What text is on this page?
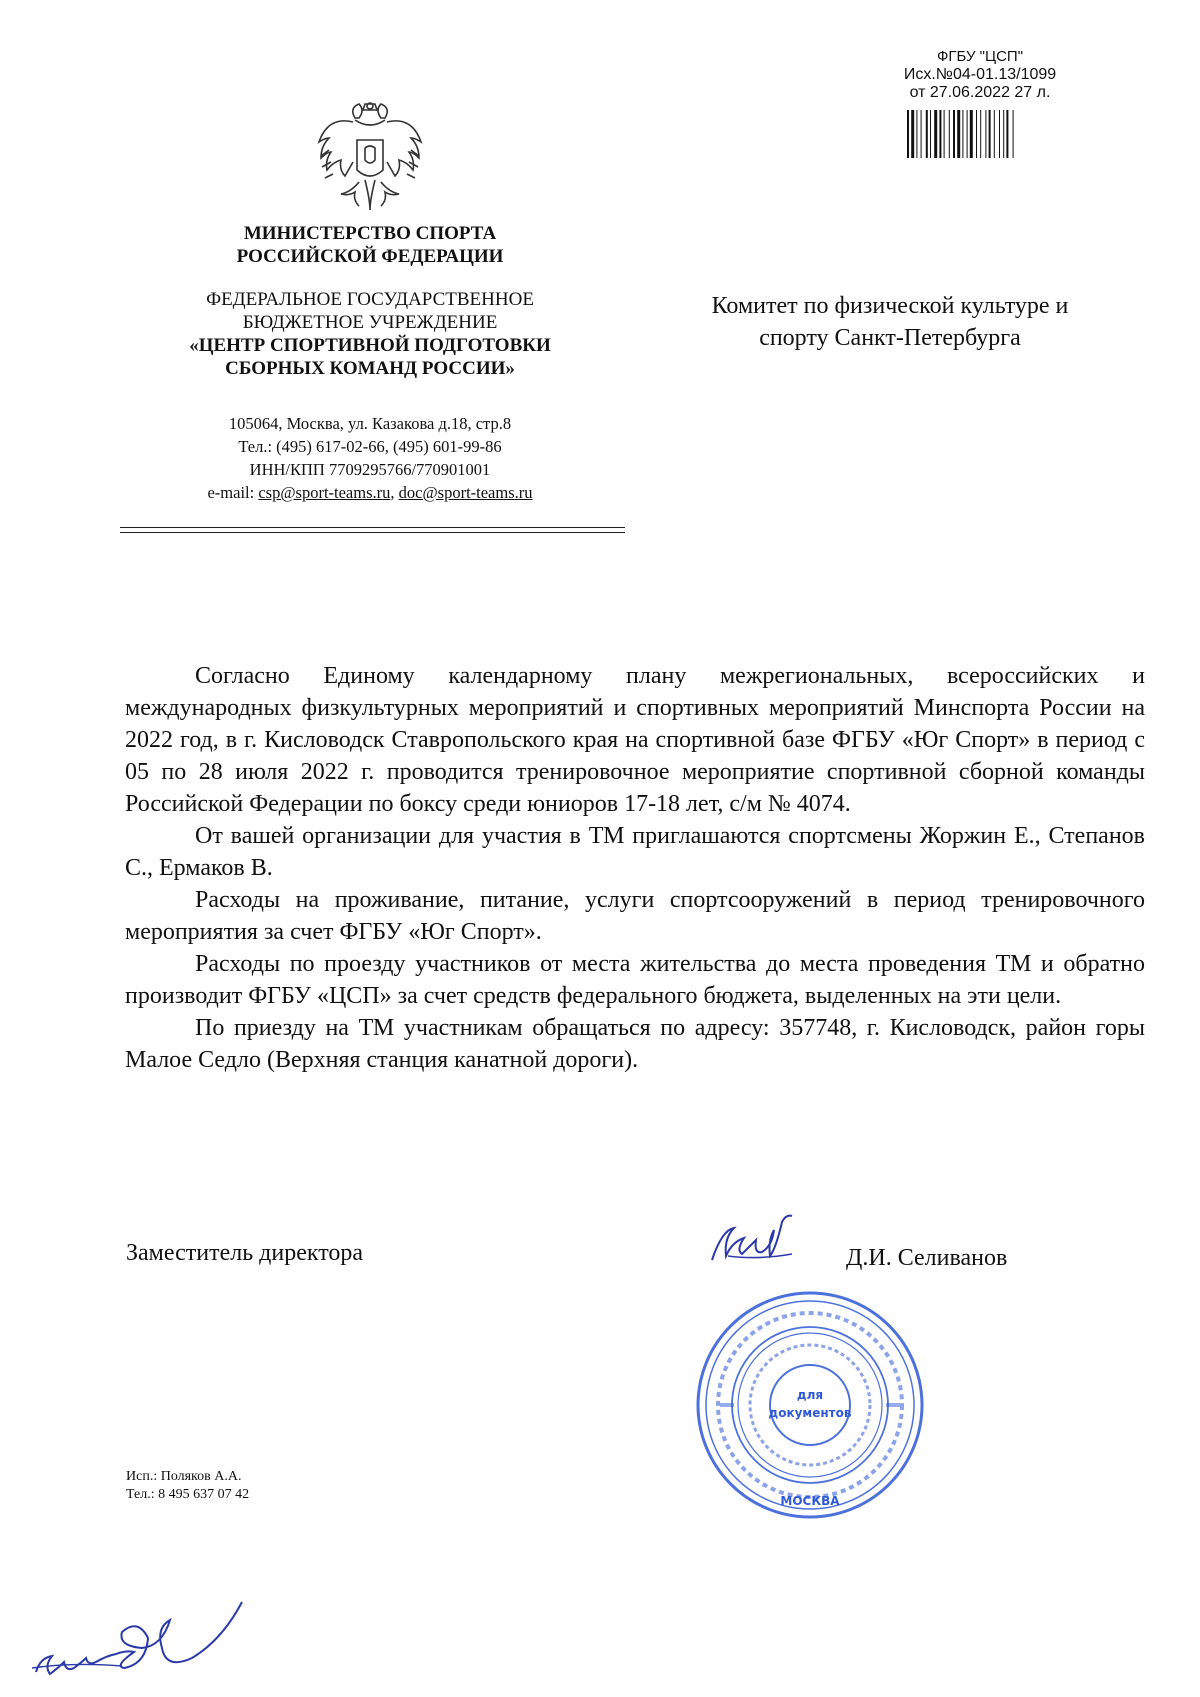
ФГБУ "ЦСП"
Исх.№04-01.13/1099
от 27.06.2022 27 л.
МИНИСТЕРСТВО СПОРТА
РОССИЙСКОЙ ФЕДЕРАЦИИ
ФЕДЕРАЛЬНОЕ ГОСУДАРСТВЕННОЕ
БЮДЖЕТНОЕ УЧРЕЖДЕНИЕ
«ЦЕНТР СПОРТИВНОЙ ПОДГОТОВКИ
СБОРНЫХ КОМАНД РОССИИ»
105064, Москва, ул. Казакова д.18, стр.8
Тел.: (495) 617-02-66, (495) 601-99-86
ИНН/КПП 7709295766/770901001
e-mail: csp@sport-teams.ru, doc@sport-teams.ru
Комитет по физической культуре и
спорту Санкт-Петербурга

Согласно Единому календарному плану межрегиональных, всероссийских и международных физкультурных мероприятий и спортивных мероприятий Минспорта России на 2022 год, в г. Кисловодск Ставропольского края на спортивной базе ФГБУ «Юг Спорт» в период с 05 по 28 июля 2022 г. проводится тренировочное мероприятие спортивной сборной команды Российской Федерации по боксу среди юниоров 17-18 лет, с/м № 4074.

От вашей организации для участия в ТМ приглашаются спортсмены Жоржин Е., Степанов С., Ермаков В.

Расходы на проживание, питание, услуги спортсооружений в период тренировочного мероприятия за счет ФГБУ «Юг Спорт».

Расходы по проезду участников от места жительства до места проведения ТМ и обратно производит ФГБУ «ЦСП» за счет средств федерального бюджета, выделенных на эти цели.

По приезду на ТМ участникам обращаться по адресу: 357748, г. Кисловодск, район горы Малое Седло (Верхняя станция канатной дороги).

Заместитель директора	Д.И. Селиванов
для
документов
МОСКВА
Исп.: Поляков А.А.
Тел.: 8 495 637 07 42
